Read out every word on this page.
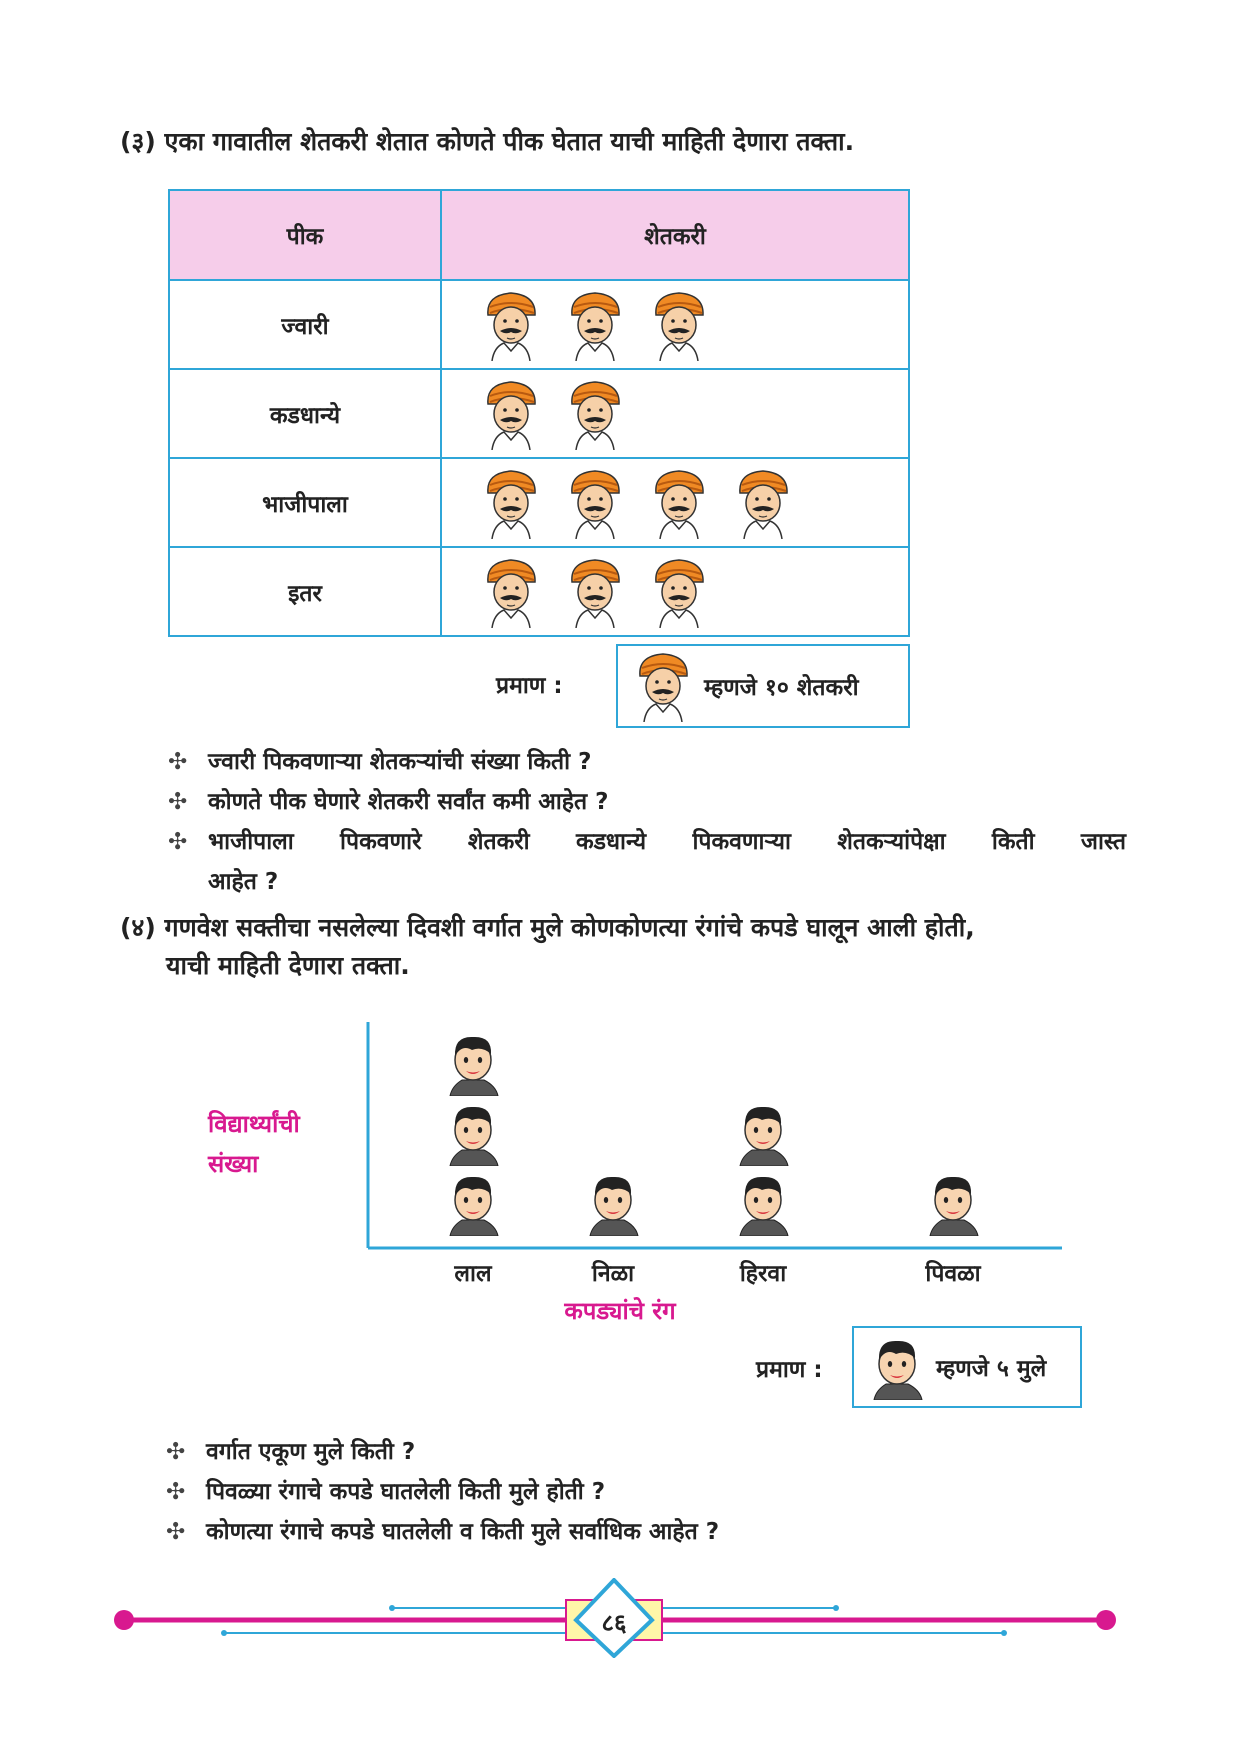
(३) एका गावातील शेतकरी शेतात कोणते पीक घेतात याची माहिती देणारा तक्ता.
पीक	शेतकरी
ज्वारी	
कडधान्ये	
भाजीपाला	
इतर	
प्रमाण :	म्हणजे १० शेतकरी
✣ ज्वारी पिकवणाऱ्या शेतकऱ्यांची संख्या किती ?
✣ कोणते पीक घेणारे शेतकरी सर्वांत कमी आहेत ?
✣ भाजीपाला पिकवणारे शेतकरी कडधान्ये पिकवणाऱ्या शेतकऱ्यांपेक्षा किती जास्त
आहेत ?
(४) गणवेश सक्तीचा नसलेल्या दिवशी वर्गात मुले कोणकोणत्या रंगांचे कपडे घालून आली होती,
याची माहिती देणारा तक्ता.
विद्यार्थ्यांची
संख्या
लाल	निळा	हिरवा	पिवळा
कपड्यांचे रंग
प्रमाण :	म्हणजे ५ मुले
✣ वर्गात एकूण मुले किती ?
✣ पिवळ्या रंगाचे कपडे घातलेली किती मुले होती ?
✣ कोणत्या रंगाचे कपडे घातलेली व किती मुले सर्वाधिक आहेत ?
८६
